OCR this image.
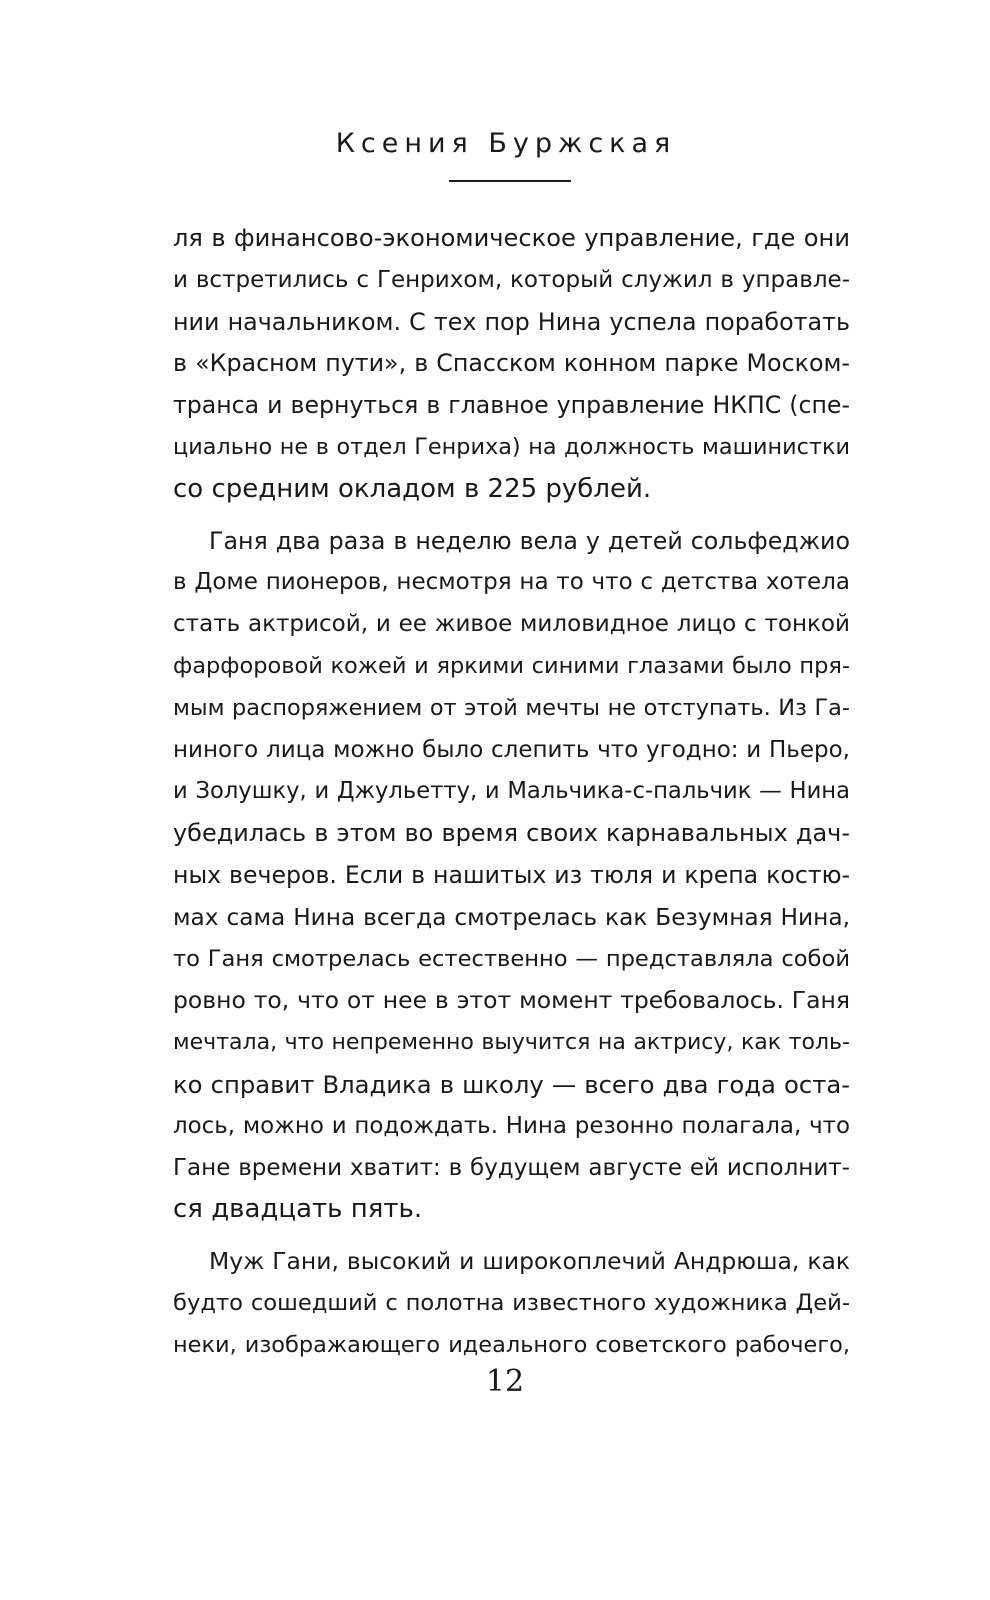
Ксения Буржская
ля в финансово-экономическое управление, где они
и встретились с Генрихом, который служил в управле-
нии начальником. С тех пор Нина успела поработать
в «Красном пути», в Спасском конном парке Моском-
транса и вернуться в главное управление НКПС (спе-
циально не в отдел Генриха) на должность машинистки
со средним окладом в 225 рублей.
Ганя два раза в неделю вела у детей сольфеджио
в Доме пионеров, несмотря на то что с детства хотела
стать актрисой, и ее живое миловидное лицо с тонкой
фарфоровой кожей и яркими синими глазами было пря-
мым распоряжением от этой мечты не отступать. Из Га-
ниного лица можно было слепить что угодно: и Пьеро,
и Золушку, и Джульетту, и Мальчика-с-пальчик — Нина
убедилась в этом во время своих карнавальных дач-
ных вечеров. Если в нашитых из тюля и крепа костю-
мах сама Нина всегда смотрелась как Безумная Нина,
то Ганя смотрелась естественно — представляла собой
ровно то, что от нее в этот момент требовалось. Ганя
мечтала, что непременно выучится на актрису, как толь-
ко справит Владика в школу — всего два года оста-
лось, можно и подождать. Нина резонно полагала, что
Гане времени хватит: в будущем августе ей исполнит-
ся двадцать пять.
Муж Гани, высокий и широкоплечий Андрюша, как
будто сошедший с полотна известного художника Дей-
неки, изображающего идеального советского рабочего,
12
